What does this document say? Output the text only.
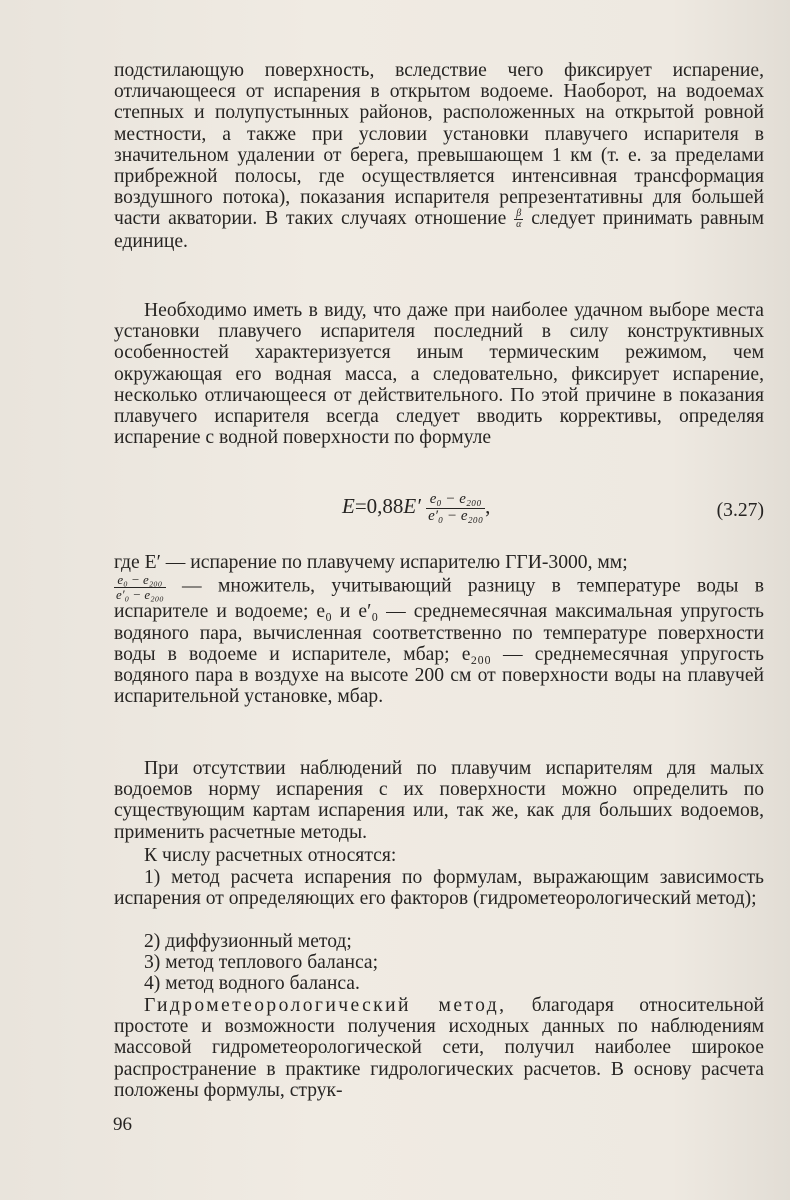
подстилающую поверхность, вследствие чего фиксирует испарение, отличающееся от испарения в открытом водоеме. Наоборот, на водоемах степных и полупустынных районов, расположенных на открытой ровной местности, а также при условии установки плавучего испарителя в значительном удалении от берега, превышающем 1 км (т. е. за пределами прибрежной полосы, где осуществляется интенсивная трансформация воздушного потока), показания испарителя репрезентативны для большей части акватории. В таких случаях отношение $\frac{\beta}{\alpha}$ следует принимать равным единице.

Необходимо иметь в виду, что даже при наиболее удачном выборе места установки плавучего испарителя последний в силу конструктивных особенностей характеризуется иным термическим режимом, чем окружающая его водная масса, а следовательно, фиксирует испарение, несколько отличающееся от действительного. По этой причине в показания плавучего испарителя всегда следует вводить коррективы, определяя испарение с водной поверхности по формуле

$E=0,88E' \frac{\text{e₀ − e₂₀₀}}{\text{e′₀ − e₂₀₀}}$ ,	(3.27)

где E′ — испарение по плавучему испарителю ГГИ-3000, мм;

$\frac{\text{e₀ − e₂₀₀}}{\text{e′₀ − e₂₀₀}}$ — множитель, учитывающий разницу в температуре воды в испарителе и водоеме; e₀ и e′₀ — среднемесячная максимальная упругость водяного пара, вычисленная соответственно по температуре поверхности воды в водоеме и испарителе, мбар; e₂₀₀ — среднемесячная упругость водяного пара в воздухе на высоте 200 см от поверхности воды на плавучей испарительной установке, мбар.

При отсутствии наблюдений по плавучим испарителям для малых водоемов норму испарения с их поверхности можно определить по существующим картам испарения или, так же, как для больших водоемов, применить расчетные методы.

К числу расчетных относятся:

1) метод расчета испарения по формулам, выражающим зависимость испарения от определяющих его факторов (гидрометеорологический метод);

2) диффузионный метод;
3) метод теплового баланса;
4) метод водного баланса.

Гидрометеорологический метод, благодаря относительной простоте и возможности получения исходных данных по наблюдениям массовой гидрометеорологической сети, получил наиболее широкое распространение в практике гидрологических расчетов. В основу расчета положены формулы, струк-

96
